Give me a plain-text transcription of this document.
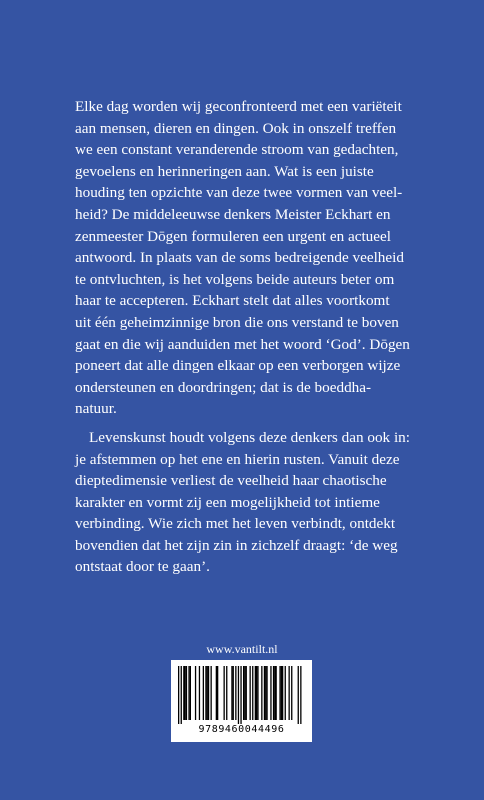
Elke dag worden wij geconfronteerd met een variëteit
aan mensen, dieren en dingen. Ook in onszelf treffen
we een constant veranderende stroom van gedachten,
gevoelens en herinneringen aan. Wat is een juiste
houding ten opzichte van deze twee vormen van veel-
heid? De middeleeuwse denkers Meister Eckhart en
zenmeester Dōgen formuleren een urgent en actueel
antwoord. In plaats van de soms bedreigende veelheid
te ontvluchten, is het volgens beide auteurs beter om
haar te accepteren. Eckhart stelt dat alles voortkomt
uit één geheimzinnige bron die ons verstand te boven
gaat en die wij aanduiden met het woord ‘God’. Dōgen
poneert dat alle dingen elkaar op een verborgen wijze
ondersteunen en doordringen; dat is de boeddha-
natuur.
Levenskunst houdt volgens deze denkers dan ook in:
je afstemmen op het ene en hierin rusten. Vanuit deze
dieptedimensie verliest de veelheid haar chaotische
karakter en vormt zij een mogelijkheid tot intieme
verbinding. Wie zich met het leven verbindt, ontdekt
bovendien dat het zijn zin in zichzelf draagt: ‘de weg
ontstaat door te gaan’.
www.vantilt.nl
9789460044496
